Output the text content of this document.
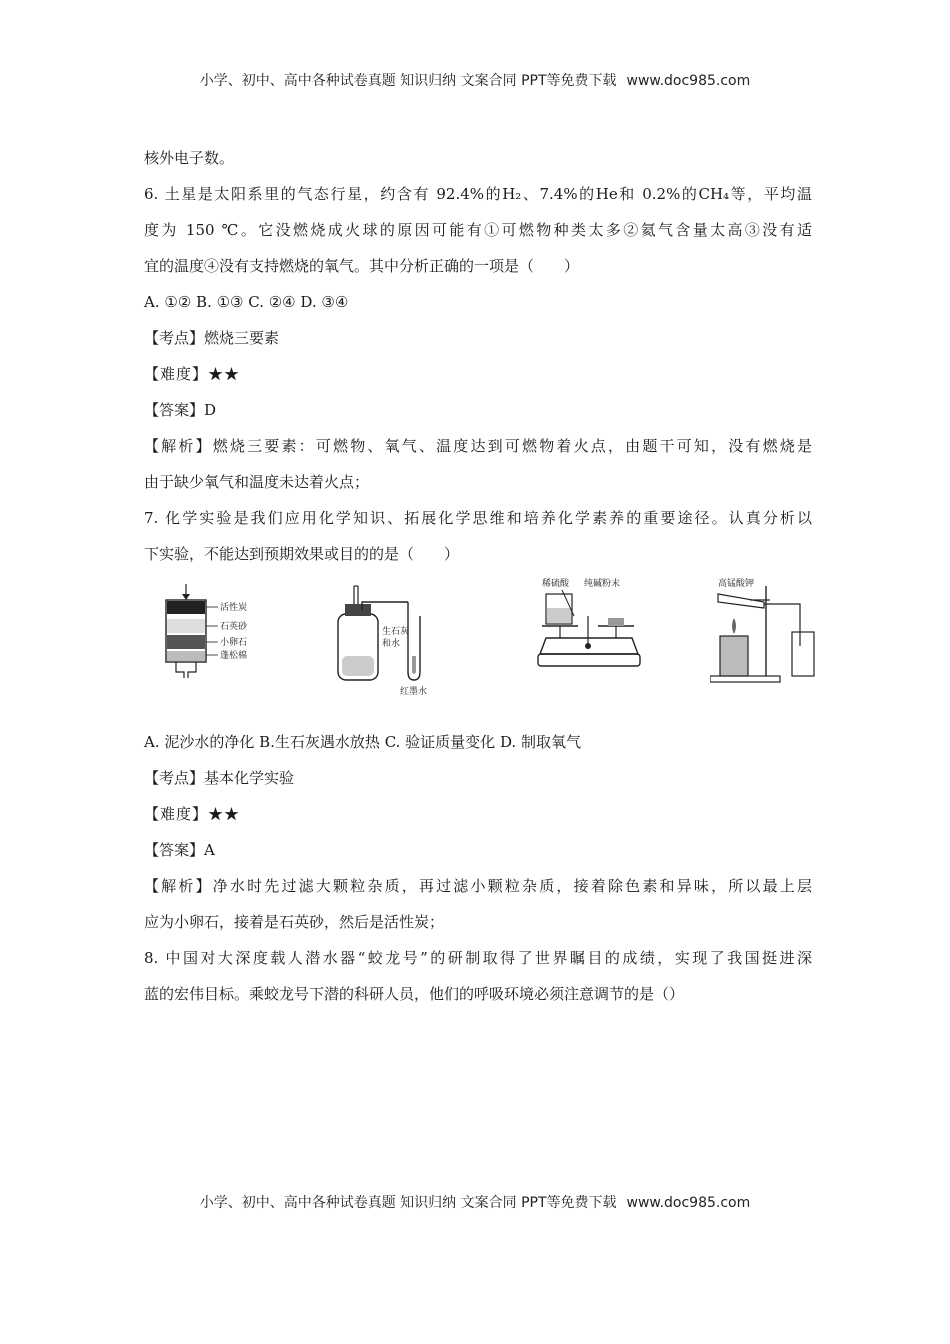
小学、初中、高中各种试卷真题 知识归纳 文案合同 PPT等免费下载 www.doc985.com
核外电子数。
6. 土星是太阳系里的气态行星，约含有 92.4%的H₂、7.4%的He和 0.2%的CH₄等，平均温
度为 150 ℃。它没燃烧成火球的原因可能有①可燃物种类太多②氦气含量太高③没有适
宜的温度④没有支持燃烧的氧气。其中分析正确的一项是（　　）
A. ①② B. ①③ C. ②④ D. ③④
【考点】燃烧三要素
【难度】★★
【答案】D
【解析】燃烧三要素：可燃物、氧气、温度达到可燃物着火点，由题干可知，没有燃烧是
由于缺少氧气和温度未达着火点；
7. 化学实验是我们应用化学知识、拓展化学思维和培养化学素养的重要途径。认真分析以
下实验，不能达到预期效果或目的的是（　　）
活性炭
石英砂
小卵石
蓬松棉
生石灰
和水
红墨水
稀硫酸 纯碱粉末	高锰酸钾
A. 泥沙水的净化 B.生石灰遇水放热 C. 验证质量变化 D. 制取氧气
【考点】基本化学实验
【难度】★★
【答案】A
【解析】净水时先过滤大颗粒杂质，再过滤小颗粒杂质，接着除色素和异味，所以最上层
应为小卵石，接着是石英砂，然后是活性炭；
8. 中国对大深度载人潜水器“蛟龙号”的研制取得了世界瞩目的成绩，实现了我国挺进深
蓝的宏伟目标。乘蛟龙号下潜的科研人员，他们的呼吸环境必须注意调节的是（）
小学、初中、高中各种试卷真题 知识归纳 文案合同 PPT等免费下载 www.doc985.com
